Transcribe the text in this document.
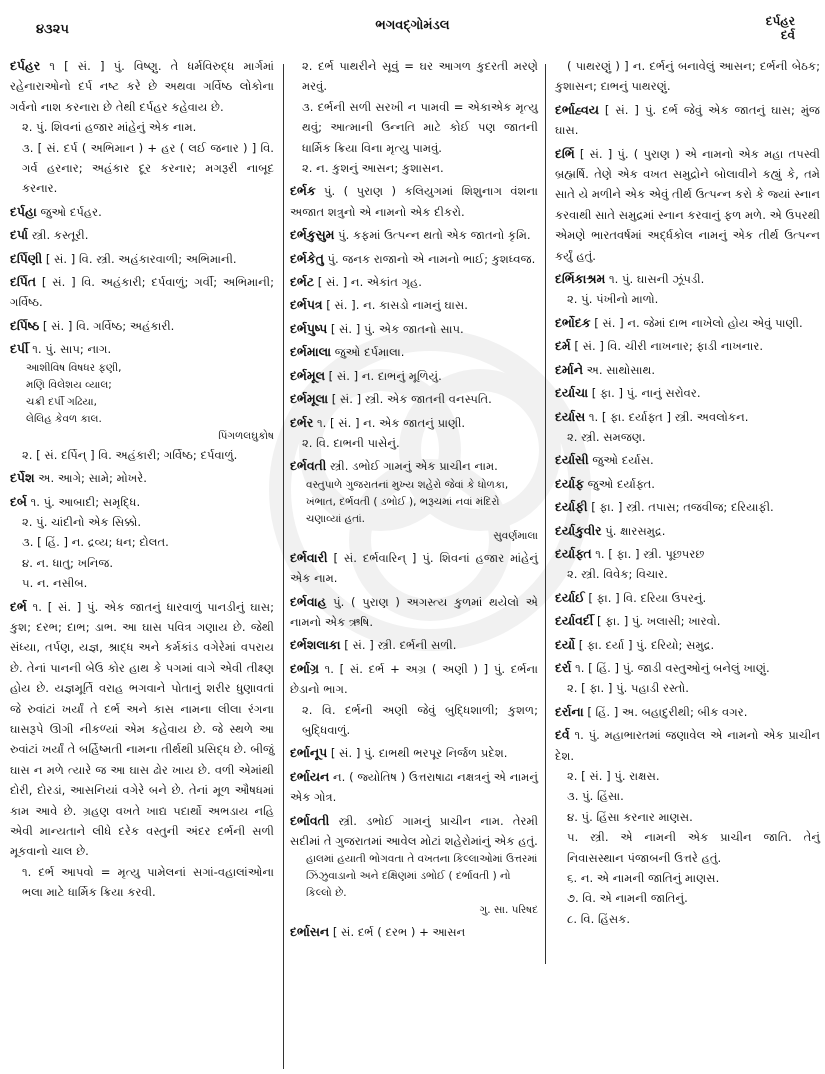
૪૩૨૫	ભગવદ્ગોમંડલ	દર્પહર
દર્વ
દર્પહર ૧ [ સં. ] પું. વિષ્ણુ. તે ધર્મવિરુદ્ધ માર્ગમાં રહેનારાઓનો દર્પ નષ્ટ કરે છે અથવા ગર્વિષ્ઠ લોકોના ગર્વનો નાશ કરનારા છે તેથી દર્પહર કહેવાય છે.
૨. પું. શિવનાં હજાર માંહેનું એક નામ.
૩. [ સં. દર્પ ( અભિમાન ) + હર ( લઈ જનાર ) ] વિ. ગર્વ હરનાર; અહંકાર દૂર કરનાર; મગરૂરી નાબૂદ કરનાર.
દર્પહા જુઓ દર્પહર.
દર્પા સ્ત્રી. કસ્તૂરી.
દર્પિણી [ સં. ] વિ. સ્ત્રી. અહંકારવાળી; અભિમાની.
દર્પિત [ સં. ] વિ. અહંકારી; દર્પવાળું; ગર્વી; અભિમાની; ગર્વિષ્ઠ.
દર્પિષ્ઠ [ સં. ] વિ. ગર્વિષ્ઠ; અહંકારી.
દર્પી ૧. પું. સાપ; નાગ.
આશીવિષ વિષધર ફણી,
મણિ વિલેશય વ્યાલ;
ચક્રી દર્પી ગઢિયા,
લેલિહ કેવળ કાલ.
પિંગળલઘુકોષ
૨. [ સં. દર્પિન્ ] વિ. અહંકારી; ગર્વિષ્ઠ; દર્પવાળું.
દર્પેશ અ. આગે; સામે; મોખરે.
દર્બ ૧. પું. આબાદી; સમૃદ્ધિ.
૨. પું. ચાંદીનો એક સિક્કો.
૩. [ હિં. ] ન. દ્રવ્ય; ધન; દોલત.
૪. ન. ધાતુ; ખનિજ.
૫. ન. નસીબ.
દર્ભ ૧. [ સં. ] પું. એક જાતનું ધારવાળું પાનડીનું ઘાસ; કુશ; દરભ; દાભ; ડાભ. આ ઘાસ પવિત્ર ગણાય છે. જેથી સંધ્યા, તર્પણ, યજ્ઞ, શ્રાદ્ધ અને કર્મકાંડ વગેરેમાં વપરાય છે. તેનાં પાનની બેઉ કોર હાથ કે પગમાં વાગે એવી તીક્ષ્ણ હોય છે. યજ્ઞમૂર્તિ વરાહ ભગવાને પોતાનું શરીર ધુણાવતાં જે રુવાંટાં ખર્યાં તે દર્ભ અને કાસ નામના લીલા રંગના ઘાસરૂપે ઊગી નીકળ્યાં એમ કહેવાય છે. જે સ્થળે આ રુવાંટાં ખર્યાં તે બર્હિષ્મતી નામના તીર્થથી પ્રસિદ્ધ છે. બીજું ઘાસ ન મળે ત્યારે જ આ ઘાસ ઢોર ખાય છે. વળી એમાંથી દોરી, દોરડાં, આસનિયાં વગેરે બને છે. તેનાં મૂળ ઔષધમાં કામ આવે છે. ગ્રહણ વખતે ખાદ્ય પદાર્થો અભડાય નહિ એવી માન્યતાને લીધે દરેક વસ્તુની અંદર દર્ભની સળી મૂકવાનો ચાલ છે.
૧. દર્ભ આપવો = મૃત્યુ પામેલનાં સગાં-વહાલાંઓના ભલા માટે ધાર્મિક ક્રિયા કરવી.
૨. દર્ભ પાથરીને સૂવું = ઘર આગળ કુદરતી મરણે મરવું.
૩. દર્ભની સળી સરખી ન પામવી = એકાએક મૃત્યુ થવું; આત્માની ઉન્નતિ માટે કોઈ પણ જાતની ધાર્મિક ક્રિયા વિના મૃત્યુ પામવું.
૨. ન. કુશનું આસન; કુશાસન.
દર્ભક પું. ( પુરાણ ) કલિયુગમાં શિશુનાગ વંશના અજાત શત્રુનો એ નામનો એક દીકરો.
દર્ભકુસુમ પું. કફમાં ઉત્પન્ન થતો એક જાતનો કૃમિ.
દર્ભકેતુ પું. જનક રાજાનો એ નામનો ભાઈ; કુશધ્વજ.
દર્ભટ [ સં. ] ન. એકાંત ગૃહ.
દર્ભપત્ર [ સં. ]. ન. કાસડો નામનું ઘાસ.
દર્ભપુષ્પ [ સં. ] પું. એક જાતનો સાપ.
દર્ભમાલા જુઓ દર્પમાલા.
દર્ભમૂલ [ સં. ] ન. દાભનું મૂળિયું.
દર્ભમૂલા [ સં. ] સ્ત્રી. એક જાતની વનસ્પતિ.
દર્ભર ૧. [ સં. ] ન. એક જાતનું પ્રાણી.
૨. વિ. દાભની પાસેનું.
દર્ભવતી સ્ત્રી. ડભોઈ ગામનું એક પ્રાચીન નામ.
વસ્તુપાળે ગુજરાતનાં મુખ્ય શહેરો જેવાં કે ધોળકા, ખંભાત, દર્ભવતી ( ડભોઈ ), ભરૂચમાં નવાં મંદિરો ચણાવ્યાં હતાં.
સુવર્ણમાલા
દર્ભવારી [ સં. દર્ભવારિન્ ] પું. શિવનાં હજાર માંહેનું એક નામ.
દર્ભવાહ પું. ( પુરાણ ) અગસ્ત્ય કુળમાં થયેલો એ નામનો એક ઋષિ.
દર્ભશલાકા [ સં. ] સ્ત્રી. દર્ભની સળી.
દર્ભાગ્ર ૧. [ સં. દર્ભ + અગ્ર ( અણી ) ] પું. દર્ભના છેડાનો ભાગ.
૨. વિ. દર્ભની અણી જેવું બુદ્ધિશાળી; કુશળ; બુદ્ધિવાળું.
દર્ભાનૂપ [ સં. ] પું. દાભથી ભરપૂર નિર્જળ પ્રદેશ.
દર્ભાયન ન. ( જ્યોતિષ ) ઉત્તરાષાઢા નક્ષત્રનું એ નામનું એક ગોત્ર.
દર્ભાવતી સ્ત્રી. ડભોઈ ગામનું પ્રાચીન નામ. તેરમી સદીમાં તે ગુજરાતમાં આવેલ મોટાં શહેરોમાંનું એક હતું.
હાલમાં હયાતી ભોગવતા તે વખતના કિલ્લાઓમાં ઉત્તરમાં ઝિંઝુવાડાનો અને દક્ષિણમાં ડભોઈ ( દર્ભાવતી ) નો કિલ્લો છે.
ગુ. સા. પરિષદ
દર્ભાસન [ સં. દર્ભ ( દરભ ) + આસન
( પાથરણું ) ] ન. દર્ભનું બનાવેલું આસન; દર્ભની બેઠક; કુશાસન; દાભનું પાથરણું.
દર્ભાહ્વય [ સં. ] પું. દર્ભ જેવું એક જાતનું ઘાસ; મુંજ ઘાસ.
દર્ભિ [ સં. ] પું. ( પુરાણ ) એ નામનો એક મહા તપસ્વી બ્રહ્મર્ષિ. તેણે એક વખત સમુદ્રોને બોલાવીને કહ્યું કે, તમે સાતે યે મળીને એક એવું તીર્થ ઉત્પન્ન કરો કે જ્યાં સ્નાન કરવાથી સાતે સમુદ્રમાં સ્નાન કરવાનું ફળ મળે. એ ઉપરથી એમણે ભારતવર્ષમાં અર્દ્ધકોલ નામનું એક તીર્થ ઉત્પન્ન કર્યું હતું.
દર્ભિકાશ્રમ ૧. પું. ઘાસની ઝૂંપડી.
૨. પું. પંખીનો માળો.
દર્ભોદક [ સં. ] ન. જેમાં દાભ નાખેલો હોય એવું પાણી.
દર્મ [ સં. ] વિ. ચીરી નાખનાર; ફાડી નાખનાર.
દર્માને અ. સાથોસાથ.
દર્યાચા [ ફા. ] પું. નાનું સરોવર.
દર્યાસ ૧. [ ફા. દર્યાફ્ત ] સ્ત્રી. અવલોકન.
૨. સ્ત્રી. સમજણ.
દર્યાસી જુઓ દર્યાસ.
દર્યાફ જુઓ દર્યાફ્ત.
દર્યાફી [ ફા. ] સ્ત્રી. તપાસ; તજવીજ; દરિયાફી.
દર્યાકુવીર પું. ક્ષારસમુદ્ર.
દર્યાફ્ત ૧. [ ફા. ] સ્ત્રી. પૂછપરછ
૨. સ્ત્રી. વિવેક; વિચાર.
દર્યાઈ [ ફા. ] વિ. દરિયા ઉપરનું.
દર્યાવર્દી [ ફા. ] પું. ખલાસી; ખારવો.
દર્યો [ ફા. દર્યા ] પું. દરિયો; સમુદ્ર.
દર્રા ૧. [ હિં. ] પું. જાડી વસ્તુઓનું બનેલું ખાણું.
૨. [ ફા. ] પું. પહાડી રસ્તો.
દર્રાના [ હિં. ] અ. બહાદુરીથી; બીક વગર.
દર્વ ૧. પું. મહાભારતમાં જણાવેલ એ નામનો એક પ્રાચીન દેશ.
૨. [ સં. ] પું. રાક્ષસ.
૩. પું. હિંસા.
૪. પું. હિંસા કરનાર માણસ.
૫. સ્ત્રી. એ નામની એક પ્રાચીન જાતિ. તેનું નિવાસસ્થાન પંજાબની ઉત્તરે હતું.
૬. ન. એ નામની જાતિનું માણસ.
૭. વિ. એ નામની જાતિનું.
૮. વિ. હિંસક.
